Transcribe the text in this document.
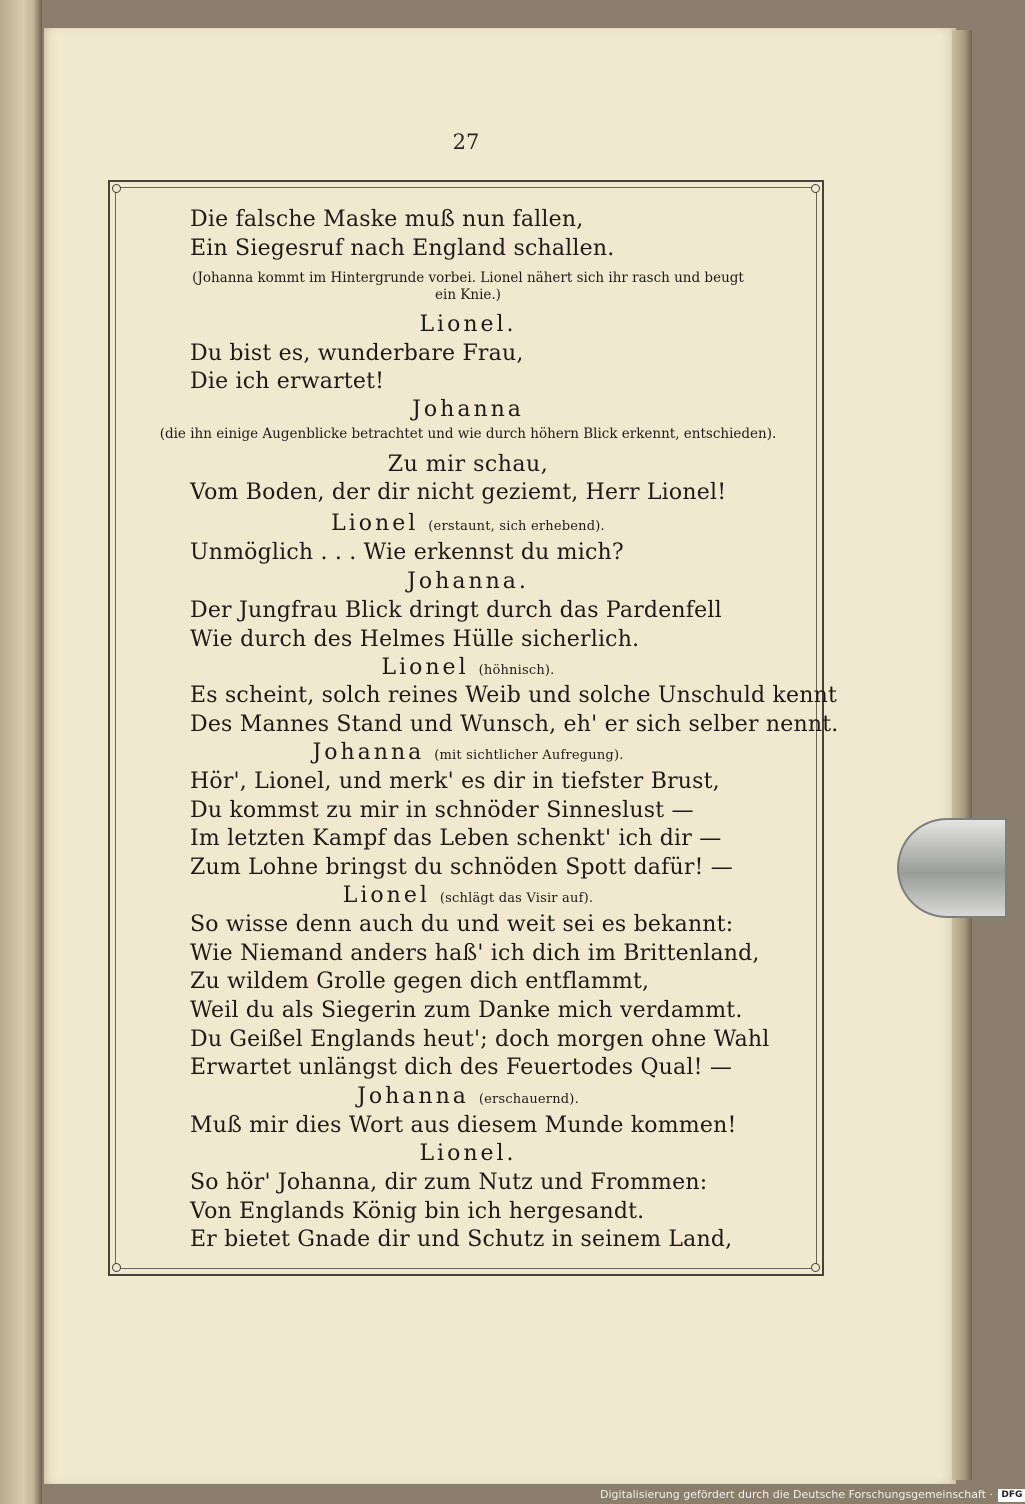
27
Die falsche Maske muß nun fallen,
Ein Siegesruf nach England schallen.
(Johanna kommt im Hintergrunde vorbei. Lionel nähert sich ihr rasch und beugt
ein Knie.)
Lionel.
Du bist es, wunderbare Frau,
Die ich erwartet!
Johanna
(die ihn einige Augenblicke betrachtet und wie durch höhern Blick erkennt, entschieden).
Zu mir schau,
Vom Boden, der dir nicht geziemt, Herr Lionel!
Lionel (erstaunt, sich erhebend).
Unmöglich . . . Wie erkennst du mich?
Johanna.
Der Jungfrau Blick dringt durch das Pardenfell
Wie durch des Helmes Hülle sicherlich.
Lionel (höhnisch).
Es scheint, solch reines Weib und solche Unschuld kennt
Des Mannes Stand und Wunsch, eh' er sich selber nennt.
Johanna (mit sichtlicher Aufregung).
Hör', Lionel, und merk' es dir in tiefster Brust,
Du kommst zu mir in schnöder Sinneslust —
Im letzten Kampf das Leben schenkt' ich dir —
Zum Lohne bringst du schnöden Spott dafür! —
Lionel (schlägt das Visir auf).
So wisse denn auch du und weit sei es bekannt:
Wie Niemand anders haß' ich dich im Brittenland,
Zu wildem Grolle gegen dich entflammt,
Weil du als Siegerin zum Danke mich verdammt.
Du Geißel Englands heut'; doch morgen ohne Wahl
Erwartet unlängst dich des Feuertodes Qual! —
Johanna (erschauernd).
Muß mir dies Wort aus diesem Munde kommen!
Lionel.
So hör' Johanna, dir zum Nutz und Frommen:
Von Englands König bin ich hergesandt.
Er bietet Gnade dir und Schutz in seinem Land,
Digitalisierung gefördert durch die Deutsche Forschungsgemeinschaft · DFG
